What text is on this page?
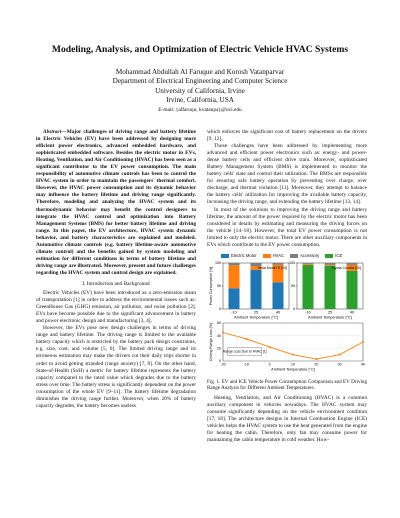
Modeling, Analysis, and Optimization of Electric Vehicle HVAC Systems
Mohammad Abdullah Al Faruque and Korosh Vatanparvar
Department of Electrical Engineering and Computer Science
University of California, Irvine
Irvine, California, USA
E-mail: {alfaruqu, kvatanpa}@uci.edu

Abstract—Major challenges of driving range and battery lifetime in Electric Vehicles (EV) have been addressed by designing more efficient power electronics, advanced embedded hardware, and sophisticated embedded software. Besides the electric motor in EVs, Heating, Ventilation, and Air Conditioning (HVAC) has been seen as a significant contributor to the EV power consumption. The main responsibility of automotive climate controls has been to control the HVAC system in order to maintain the passengers' thermal comfort. However, the HVAC power consumption and its dynamic behavior may influence the battery lifetime and driving range significantly. Therefore, modeling and analyzing the HVAC system and its thermodynamic behavior may benefit the control designers to integrate the HVAC control and optimization into Battery Management Systems (BMS) for better battery lifetime and driving range. In this paper, the EV architecture, HVAC system dynamic behavior, and battery characteristics are explained and modeled. Automotive climate controls (e.g. battery lifetime-aware automotive climate control) and the benefits gained by system modeling and estimation for different conditions in terms of battery lifetime and driving range are illustrated. Moreover, present and future challenges regarding the HVAC system and control design are explained.

I. Introduction and Background

Electric Vehicles (EV) have been introduced as a zero-emission mean of transportation [1] in order to address the environmental issues such as: GreenHouse Gas (GHG) emission, air pollution, and noise pollution [2]. EVs have become possible due to the significant advancement in battery and power electronic design and manufacturing [3, 4].

However, the EVs pose new design challenges in terms of driving range and battery lifetime. The driving range is limited to the available battery capacity which is restricted by the battery pack design constraints, e.g. size, cost, and volume [5, 6]. The limited driving range and its erroneous estimation may make the drivers cut their daily trips shorter in order to avoid getting stranded (range anxiety) [7, 8]. On the other hand, State-of-Health (SoH) a metric for battery lifetime represents the battery capacity compared to the rated value which degrades due to the battery stress over time. The battery stress is significantly dependent on the power consumption of the whole EV [9–11]. The battery lifetime degradation diminishes the driving range further. Moreover, when 20% of battery capacity degrades, the battery becomes useless

which enforces the significant cost of battery replacement on the drivers [9, 12].

Those challenges have been addressed by implementing more advanced and efficient power electronics such as: energy- and power-dense battery cells and efficient drive train. Moreover, sophisticated Battery Management System (BMS) is implemented to monitor the battery cells' state and control their utilization. The BMSs are responsible for ensuring safe battery operation by preventing over charge, over discharge, and thermal violation [11]. Moreover, they attempt to balance the battery cells' utilization for improving the available battery capacity, increasing the driving range, and extending the battery lifetime [13, 14].

In most of the solutions to improving the driving range and battery lifetime, the amount of the power required by the electric motor has been considered in details by estimating and measuring the driving forces on the vehicle [14–18]. However, the total EV power consumption is not limited to only the electric motor. There are other auxiliary components in EVs which contribute to the EV power consumption.

Electric Motor	HVAC	Accessory	ICE
0
50
100
-10	25	40
Tesla Model S [19]
Ambient Temperature [°C]
0
50
100
-10	25	40
Toyota Corolla [20]
Ambient Temperature [°C]
Power Consumption [%]
0
20
40
60
-20	-10	0	10	20	30	40
Range Loss Due to HVAC [1]
Ambient Temperature [°C]
Driving Range Loss [%]
Fig. 1. EV and ICE Vehicle Power Consumption Comparison and EV Driving Range Analysis for Different Ambient Temperatures.

Heating, Ventilation, and Air Conditioning (HVAC) is a common auxiliary component in vehicles nowadays. The HVAC system may consume significantly depending on the vehicle environment condition [17, 18]. The architecture designs in Internal Combustion Engine (ICE) vehicles helps the HVAC system to use the heat generated from the engine for heating the cabin. Therefore, only fan may consume power for maintaining the cabin temperature in cold weather. How-
